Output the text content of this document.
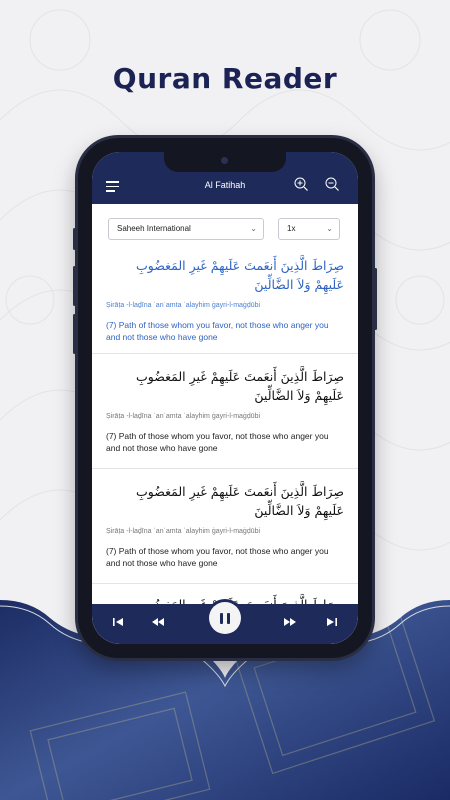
Quran Reader
Al Fatihah
Saheeh International	⌄	1x	⌄
صِرَاطَ الَّذِينَ أَنعَمتَ عَلَيهِمْ غَيرِ المَغضُوبِ عَلَيهِمْ وَلاَ الضَّالِّينَ
Ṣirāṭa -l-laḏīna ʾanʿamta ʿalayhim ġayri-l-maġḍūbi
(7) Path of those whom you favor, not those who anger you and not those who have gone
صِرَاطَ الَّذِينَ أَنعَمتَ عَلَيهِمْ غَيرِ المَغضُوبِ عَلَيهِمْ وَلاَ الضَّالِّينَ
Ṣirāṭa -l-laḏīna ʾanʿamta ʿalayhim ġayri-l-maġḍūbi
(7) Path of those whom you favor, not those who anger you and not those who have gone
صِرَاطَ الَّذِينَ أَنعَمتَ عَلَيهِمْ غَيرِ المَغضُوبِ عَلَيهِمْ وَلاَ الضَّالِّينَ
Ṣirāṭa -l-laḏīna ʾanʿamta ʿalayhim ġayri-l-maġḍūbi
(7) Path of those whom you favor, not those who anger you and not those who have gone
